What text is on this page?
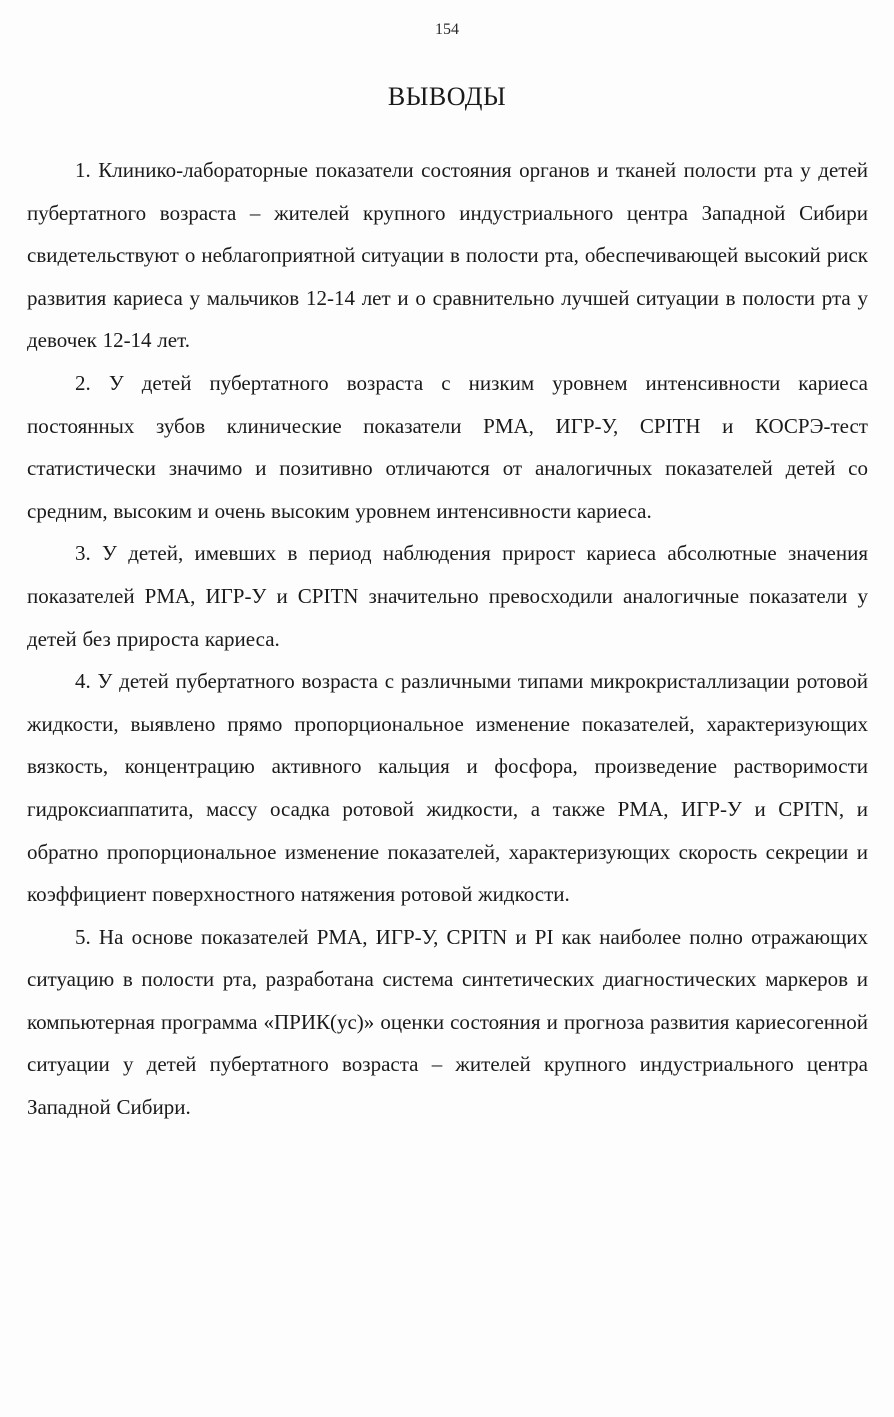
154
ВЫВОДЫ

1. Клинико-лабораторные показатели состояния органов и тканей полости рта у детей пубертатного возраста – жителей крупного индустриального центра Западной Сибири свидетельствуют о неблагоприятной ситуации в полости рта, обеспечивающей высокий риск развития кариеса у мальчиков 12-14 лет и о сравнительно лучшей ситуации в полости рта у девочек 12-14 лет.

2. У детей пубертатного возраста с низким уровнем интенсивности кариеса постоянных зубов клинические показатели РМА, ИГР-У, CPITH и КОСРЭ-тест статистически значимо и позитивно отличаются от аналогичных показателей детей со средним, высоким и очень высоким уровнем интенсивности кариеса.

3. У детей, имевших в период наблюдения прирост кариеса абсолютные значения показателей РМА, ИГР-У и CPITN значительно превосходили аналогичные показатели у детей без прироста кариеса.

4. У детей пубертатного возраста с различными типами микрокристаллизации ротовой жидкости, выявлено прямо пропорциональное изменение показателей, характеризующих вязкость, концентрацию активного кальция и фосфора, произведение растворимости гидроксиаппатита, массу осадка ротовой жидкости, а также РМА, ИГР-У и CPITN, и обратно пропорциональное изменение показателей, характеризующих скорость секреции и коэффициент поверхностного натяжения ротовой жидкости.

5. На основе показателей РМА, ИГР-У, CPITN и PI как наиболее полно отражающих ситуацию в полости рта, разработана система синтетических диагностических маркеров и компьютерная программа «ПРИК(ус)» оценки состояния и прогноза развития кариесогенной ситуации у детей пубертатного возраста – жителей крупного индустриального центра Западной Сибири.
